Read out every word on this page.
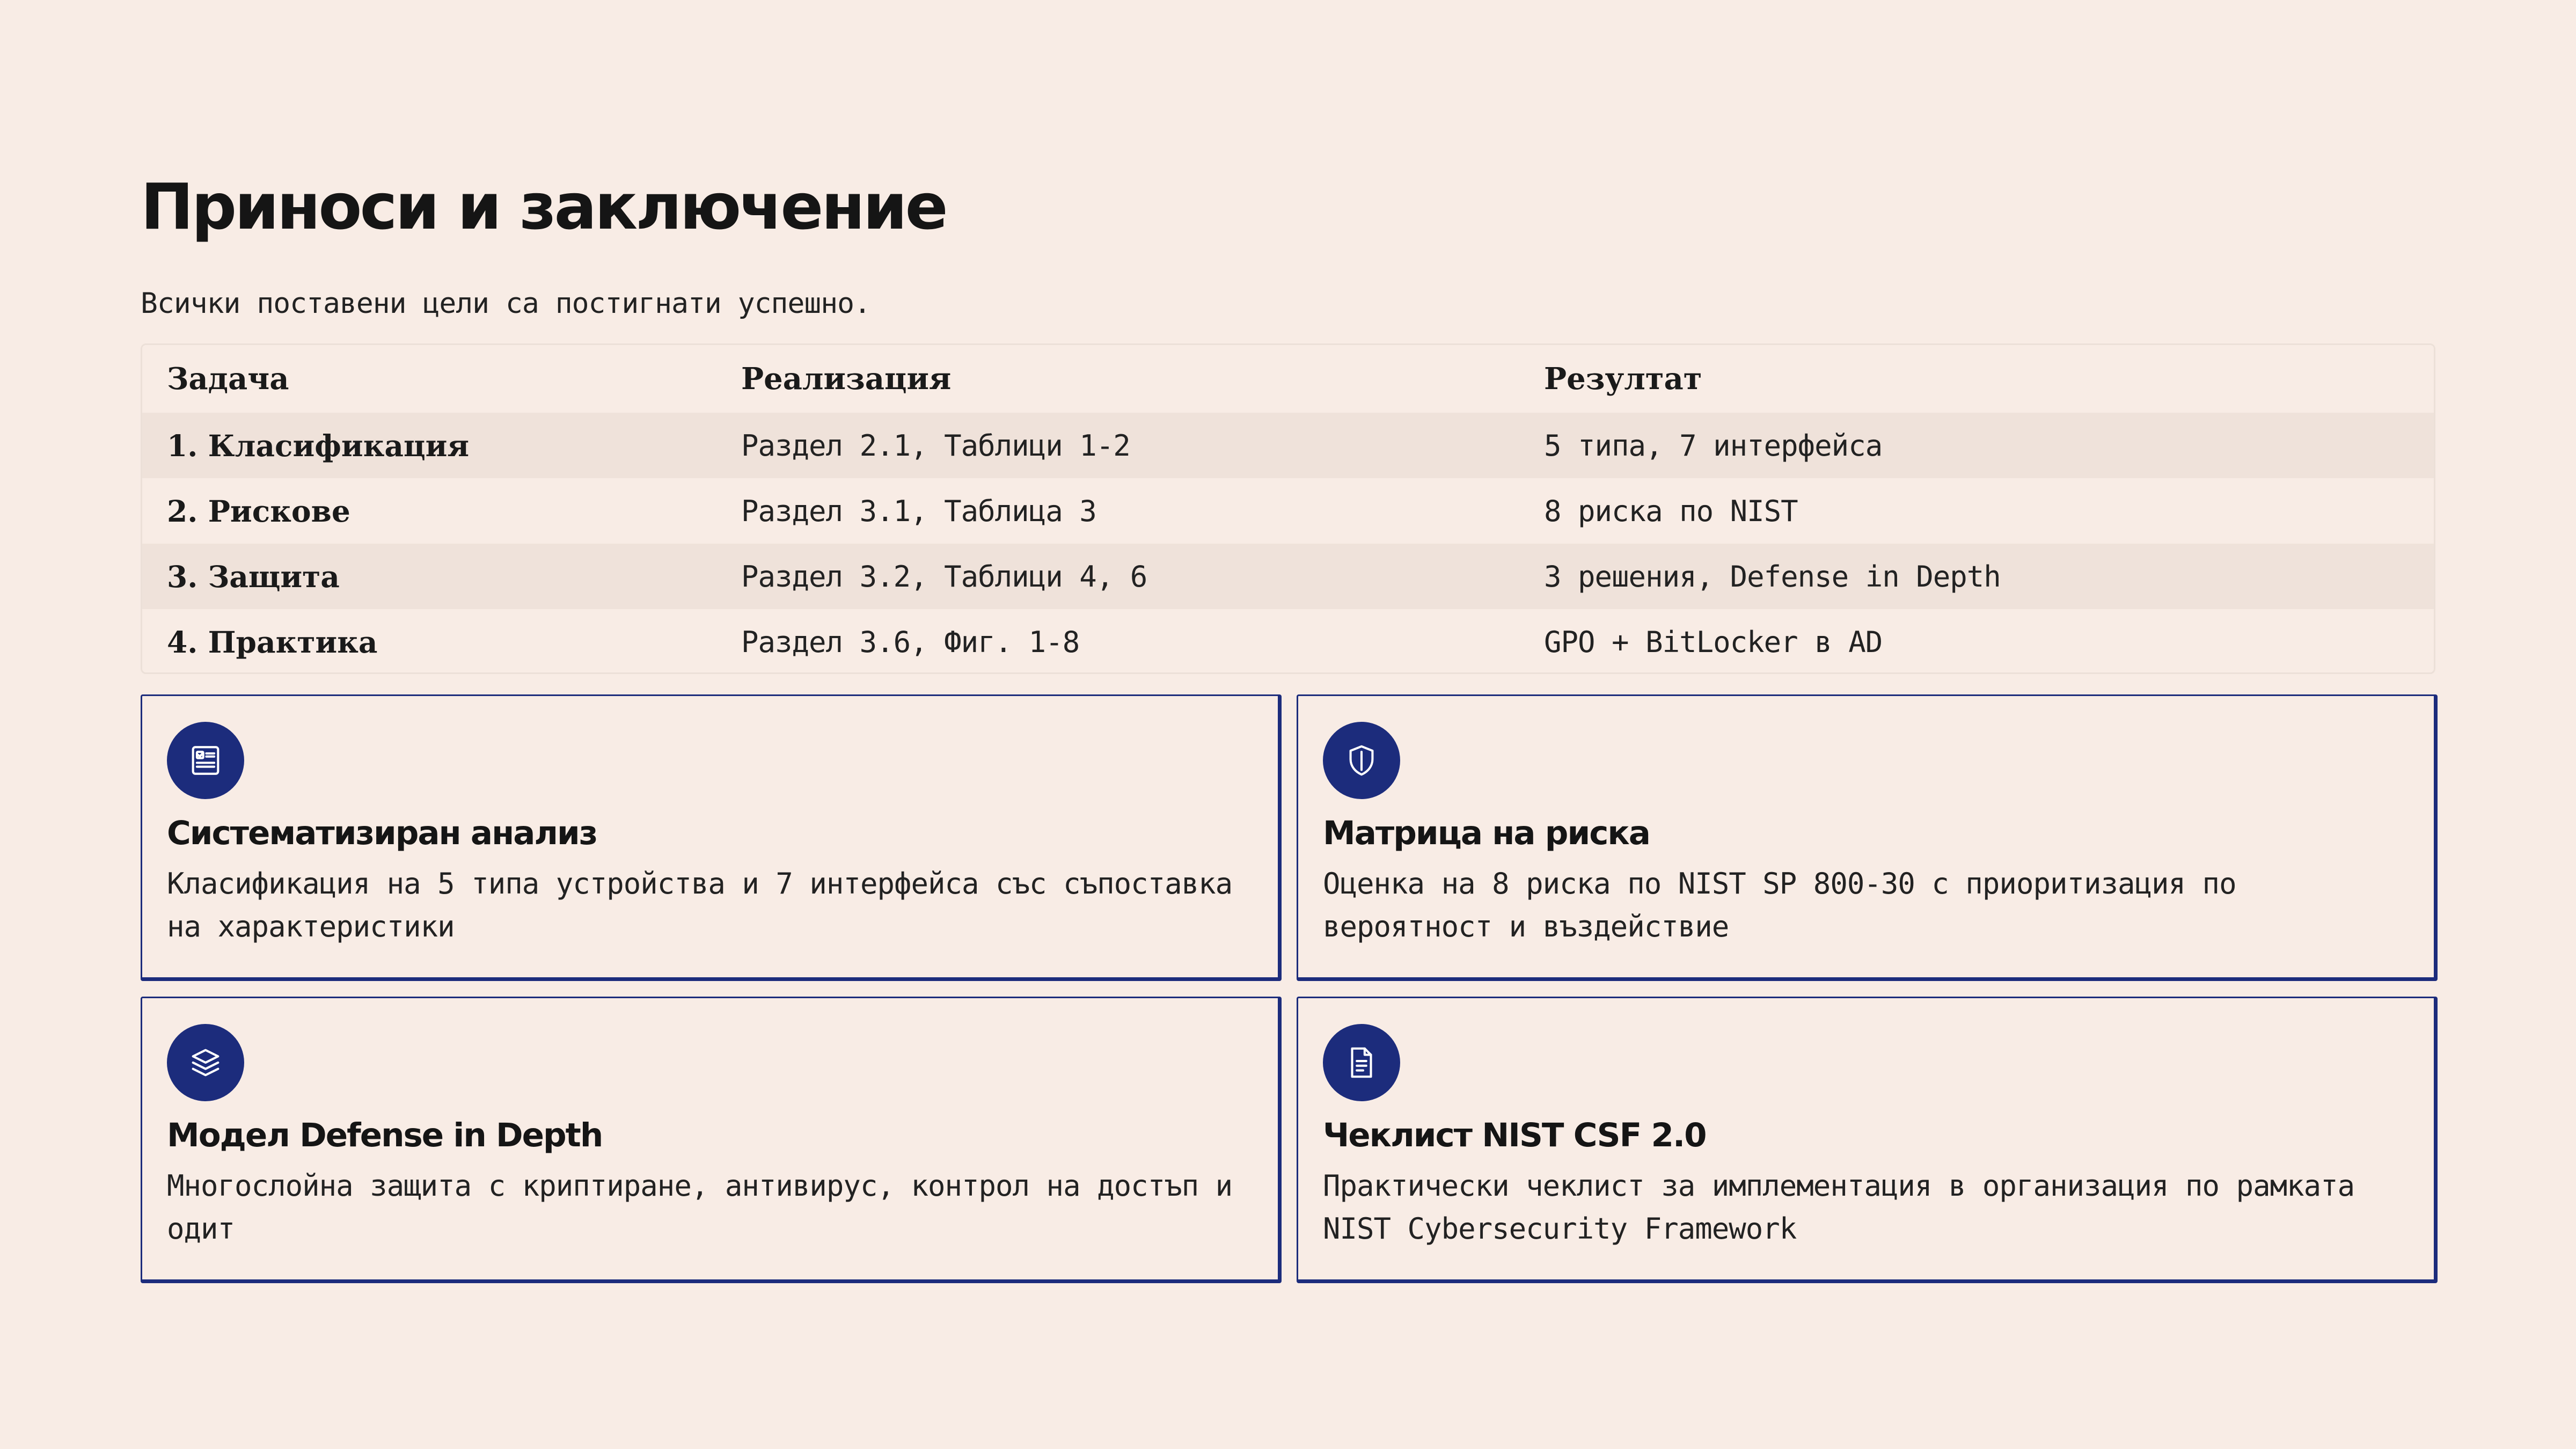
Приноси и заключение
Всички поставени цели са постигнати успешно.
Задача	Реализация	Резултат
1. Класификация	Раздел 2.1, Таблици 1-2	5 типа, 7 интерфейса
2. Рискове	Раздел 3.1, Таблица 3	8 риска по NIST
3. Защита	Раздел 3.2, Таблици 4, 6	3 решения, Defense in Depth
4. Практика	Раздел 3.6, Фиг. 1-8	GPO + BitLocker в AD
Систематизиран анализ

Класификация на 5 типа устройства и 7 интерфейса със съпоставка на характеристики

Матрица на риска

Оценка на 8 риска по NIST SP 800-30 с приоритизация по вероятност и въздействие

Модел Defense in Depth

Многослойна защита с криптиране, антивирус, контрол на достъп и одит

Чеклист NIST CSF 2.0

Практически чеклист за имплементация в организация по рамката NIST Cybersecurity Framework
